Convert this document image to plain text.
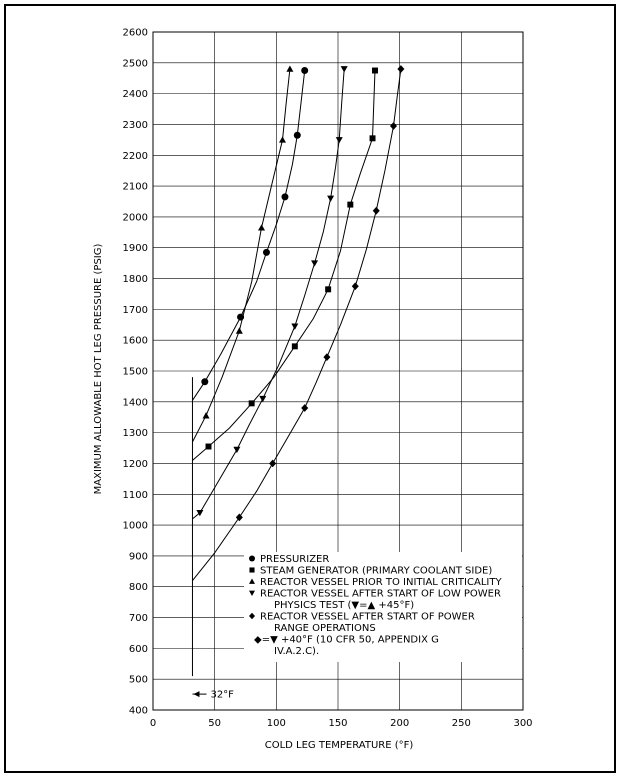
32°F
400
500
600
700
800
900
1000
1100
1200
1300
1400
1500
1600
1700
1800
1900
2000
2100
2200
2300
2400
2500
2600
0	50	100	150	200	250	300
COLD LEG TEMPERATURE (°F)
MAXIMUM ALLOWABLE HOT LEG PRESSURE (PSIG)
PRESSURIZER
STEAM GENERATOR (PRIMARY COOLANT SIDE)
REACTOR VESSEL PRIOR TO INITIAL CRITICALITY
REACTOR VESSEL AFTER START OF LOW POWER
PHYSICS TEST (▼=▲ +45°F)
REACTOR VESSEL AFTER START OF POWER
RANGE OPERATIONS
◆=▼ +40°F (10 CFR 50, APPENDIX G
IV.A.2.C).
